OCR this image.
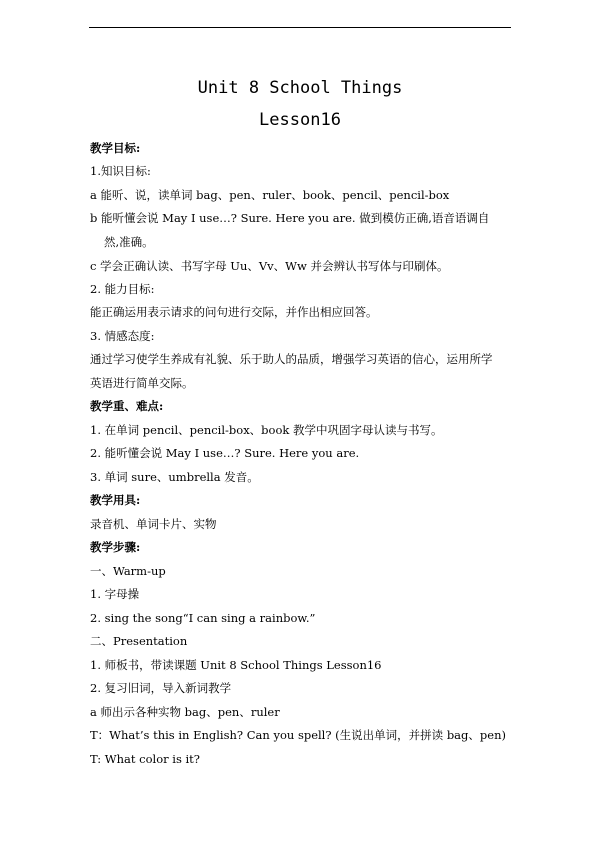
Unit 8 School Things
Lesson16
教学目标:
1.知识目标:
a 能听、说，读单词 bag、pen、ruler、book、pencil、pencil-box
b 能听懂会说 May I use…? Sure. Here you are. 做到模仿正确,语音语调自
然,准确。
c 学会正确认读、书写字母 Uu、Vv、Ww 并会辨认书写体与印刷体。
2. 能力目标:
能正确运用表示请求的问句进行交际，并作出相应回答。
3. 情感态度:
通过学习使学生养成有礼貌、乐于助人的品质，增强学习英语的信心，运用所学
英语进行简单交际。
教学重、难点:
1. 在单词 pencil、pencil-box、book 教学中巩固字母认读与书写。
2. 能听懂会说 May I use…? Sure. Here you are.
3. 单词 sure、umbrella 发音。
教学用具:
录音机、单词卡片、实物
教学步骤:
一、Warm-up
1. 字母操
2. sing the song“I can sing a rainbow.”
二、Presentation
1. 师板书，带读课题 Unit 8 School Things Lesson16
2. 复习旧词，导入新词教学
a 师出示各种实物 bag、pen、ruler
T：What’s this in English? Can you spell? (生说出单词，并拼读 bag、pen)
T: What color is it?
